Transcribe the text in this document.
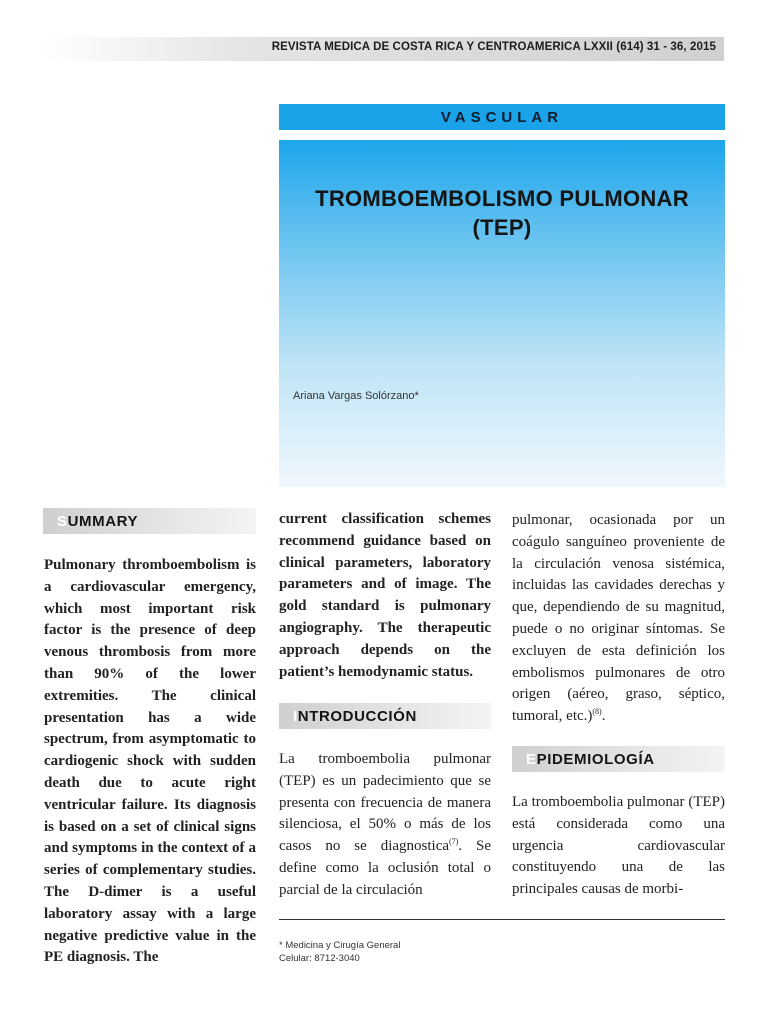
REVISTA MEDICA DE COSTA RICA Y CENTROAMERICA LXXII (614) 31 - 36, 2015
VASCULAR
TROMBOEMBOLISMO PULMONAR
(TEP)
Ariana Vargas Solórzano*
S UMMARY

Pulmonary thromboembolism is a cardiovascular emergency, which most important risk factor is the presence of deep venous thrombosis from more than 90% of the lower extremities. The clinical presentation has a wide spectrum, from asymptomatic to cardiogenic shock with sudden death due to acute right ventricular failure. Its diagnosis is based on a set of clinical signs and symptoms in the context of a series of complementary studies. The D-dimer is a useful laboratory assay with a large negative predictive value in the PE diagnosis. The

current classification schemes recommend guidance based on clinical parameters, laboratory parameters and of image. The gold standard is pulmonary angiography. The therapeutic approach depends on the patient’s hemodynamic status.

I NTRODUCCIÓN

La tromboembolia pulmonar (TEP) es un padecimiento que se presenta con frecuencia de manera silenciosa, el 50% o más de los casos no se diagnostica$^{(7)}$. Se define como la oclusión total o parcial de la circulación

pulmonar, ocasionada por un coágulo sanguíneo proveniente de la circulación venosa sistémica, incluidas las cavidades derechas y que, dependiendo de su magnitud, puede o no originar síntomas. Se excluyen de esta definición los embolismos pulmonares de otro origen (aéreo, graso, séptico, tumoral, etc.)$^{(8)}$.

E PIDEMIOLOGÍA

La tromboembolia pulmonar (TEP) está considerada como una urgencia cardiovascular constituyendo una de las principales causas de morbi-

* Medicina y Cirugía General
Celular: 8712-3040
